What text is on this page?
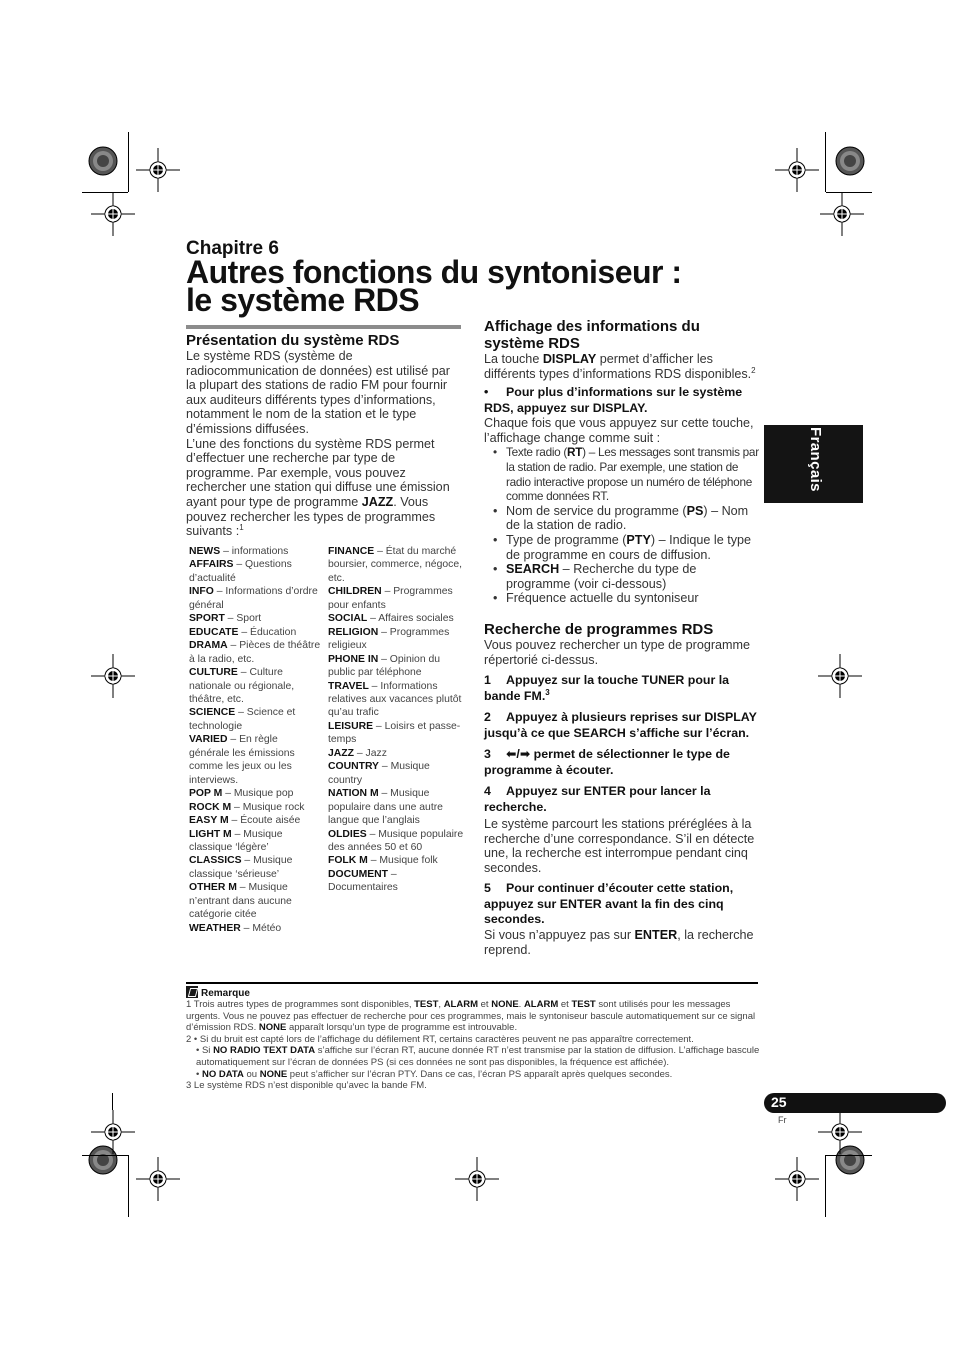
Chapitre 6
Autres fonctions du syntoniseur :
le système RDS
Français
Présentation du système RDS

Le système RDS (système de radiocommunication de données) est utilisé par la plupart des stations de radio FM pour fournir aux auditeurs différents types d’informations, notamment le nom de la station et le type d’émissions diffusées.

L’une des fonctions du système RDS permet d’effectuer une recherche par type de programme. Par exemple, vous pouvez rechercher une station qui diffuse une émission ayant pour type de programme JAZZ. Vous pouvez rechercher les types de programmes suivants :$^1$

NEWS – informations
AFFAIRS – Questions d’actualité
INFO – Informations d’ordre général
SPORT – Sport
EDUCATE – Éducation
DRAMA – Pièces de théâtre à la radio, etc.
CULTURE – Culture nationale ou régionale, théâtre, etc.
SCIENCE – Science et technologie
VARIED – En règle générale les émissions comme les jeux ou les interviews.
POP M – Musique pop
ROCK M – Musique rock
EASY M – Écoute aisée
LIGHT M – Musique classique ‘légère’
CLASSICS – Musique classique ‘sérieuse’
OTHER M – Musique n’entrant dans aucune catégorie citée
WEATHER – Météo
FINANCE – État du marché boursier, commerce, négoce, etc.
CHILDREN – Programmes pour enfants
SOCIAL – Affaires sociales
RELIGION – Programmes religieux
PHONE IN – Opinion du public par téléphone
TRAVEL – Informations relatives aux vacances plutôt qu’au trafic
LEISURE – Loisirs et passe-temps
JAZZ – Jazz
COUNTRY – Musique country
NATION M – Musique populaire dans une autre langue que l’anglais
OLDIES – Musique populaire des années 50 et 60
FOLK M – Musique folk
DOCUMENT – Documentaires
Affichage des informations du système RDS

La touche DISPLAY permet d’afficher les différents types d’informations RDS disponibles.$^2$

• Pour plus d’informations sur le système RDS, appuyez sur DISPLAY.

Chaque fois que vous appuyez sur cette touche, l’affichage change comme suit :

• Texte radio (RT) – Les messages sont transmis par la station de radio. Par exemple, une station de radio interactive propose un numéro de téléphone comme données RT.
• Nom de service du programme (PS) – Nom de la station de radio.
• Type de programme (PTY) – Indique le type de programme en cours de diffusion.
• SEARCH – Recherche du type de programme (voir ci-dessous)
• Fréquence actuelle du syntoniseur
Recherche de programmes RDS

Vous pouvez rechercher un type de programme répertorié ci-dessus.

1 Appuyez sur la touche TUNER pour la bande FM.$^3$
2 Appuyez à plusieurs reprises sur DISPLAY jusqu’à ce que SEARCH s’affiche sur l’écran.
3 ⬅/➡ permet de sélectionner le type de programme à écouter.
4 Appuyez sur ENTER pour lancer la recherche.

Le système parcourt les stations préréglées à la recherche d’une correspondance. S’il en détecte une, la recherche est interrompue pendant cinq secondes.

5 Pour continuer d’écouter cette station, appuyez sur ENTER avant la fin des cinq secondes.

Si vous n’appuyez pas sur ENTER, la recherche reprend.

Remarque
1 Trois autres types de programmes sont disponibles, TEST, ALARM et NONE. ALARM et TEST sont utilisés pour les messages urgents. Vous ne pouvez pas effectuer de recherche pour ces programmes, mais le syntoniseur bascule automatiquement sur ce signal d’émission RDS. NONE apparaît lorsqu’un type de programme est introuvable.
2 • Si du bruit est capté lors de l’affichage du défilement RT, certains caractères peuvent ne pas apparaître correctement.
• Si NO RADIO TEXT DATA s’affiche sur l’écran RT, aucune donnée RT n’est transmise par la station de diffusion. L’affichage bascule automatiquement sur l’écran de données PS (si ces données ne sont pas disponibles, la fréquence est affichée).
• NO DATA ou NONE peut s’afficher sur l’écran PTY. Dans ce cas, l’écran PS apparaît après quelques secondes.
3 Le système RDS n’est disponible qu’avec la bande FM.
25
Fr
